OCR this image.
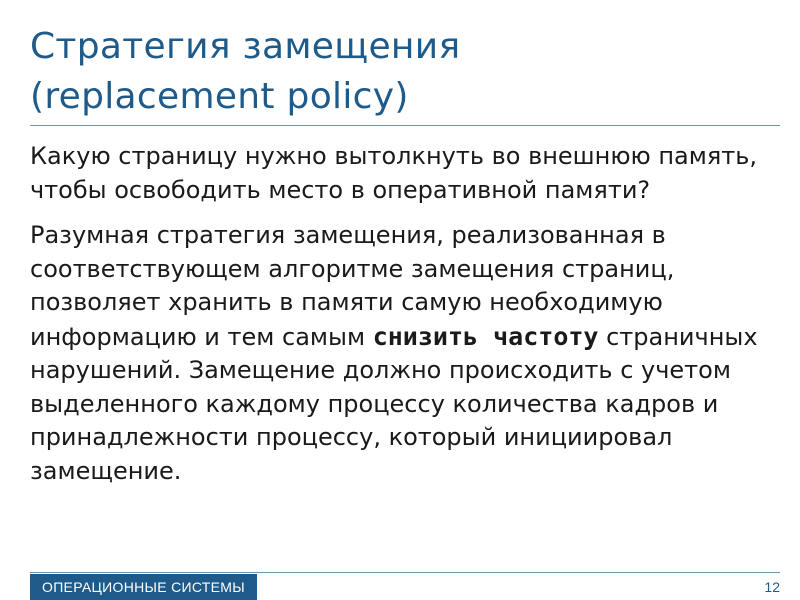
Стратегия замещения
(replacement policy)

Какую страницу нужно вытолкнуть во внешнюю память, чтобы освободить место в оперативной памяти?

Разумная стратегия замещения, реализованная в соответствующем алгоритме замещения страниц, позволяет хранить в памяти самую необходимую информацию и тем самым снизить частоту страничных нарушений. Замещение должно происходить с учетом выделенного каждому процессу количества кадров и принадлежности процессу, который инициировал замещение.

ОПЕРАЦИОННЫЕ СИСТЕМЫ	12
